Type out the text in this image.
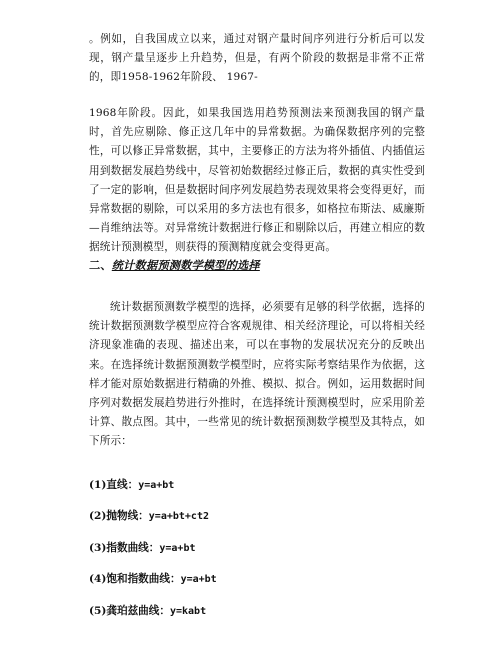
。例如，自我国成立以来，通过对钢产量时间序列进行分析后可以发现，钢产量呈逐步上升趋势，但是，有两个阶段的数据是非常不正常的，即1958-1962年阶段、 1967-

1968年阶段。因此，如果我国选用趋势预测法来预测我国的钢产量时，首先应剔除、修正这几年中的异常数据。为确保数据序列的完整性，可以修正异常数据，其中，主要修正的方法为将外插值、内插值运用到数据发展趋势线中，尽管初始数据经过修正后，数据的真实性受到了一定的影响，但是数据时间序列发展趋势表现效果将会变得更好，而异常数据的剔除，可以采用的多方法也有很多，如格拉布斯法、威廉斯—肖维纳法等。对异常统计数据进行修正和剔除以后，再建立相应的数据统计预测模型，则获得的预测精度就会变得更高。

二、统计数据预测数学模型的选择

统计数据预测数学模型的选择，必须要有足够的科学依据，选择的统计数据预测数学模型应符合客观规律、相关经济理论，可以将相关经济现象准确的表现、描述出来，可以在事物的发展状况充分的反映出来。在选择统计数据预测数学模型时，应将实际考察结果作为依据，这样才能对原始数据进行精确的外推、模拟、拟合。例如，运用数据时间序列对数据发展趋势进行外推时，在选择统计预测模型时，应采用阶差计算、散点图。其中，一些常见的统计数据预测数学模型及其特点，如下所示：

(1)直线：y=a+bt

(2)抛物线：y=a+bt+ct2

(3)指数曲线：y=a+bt

(4)饱和指数曲线：y=a+bt

(5)龚珀兹曲线：y=kabt
